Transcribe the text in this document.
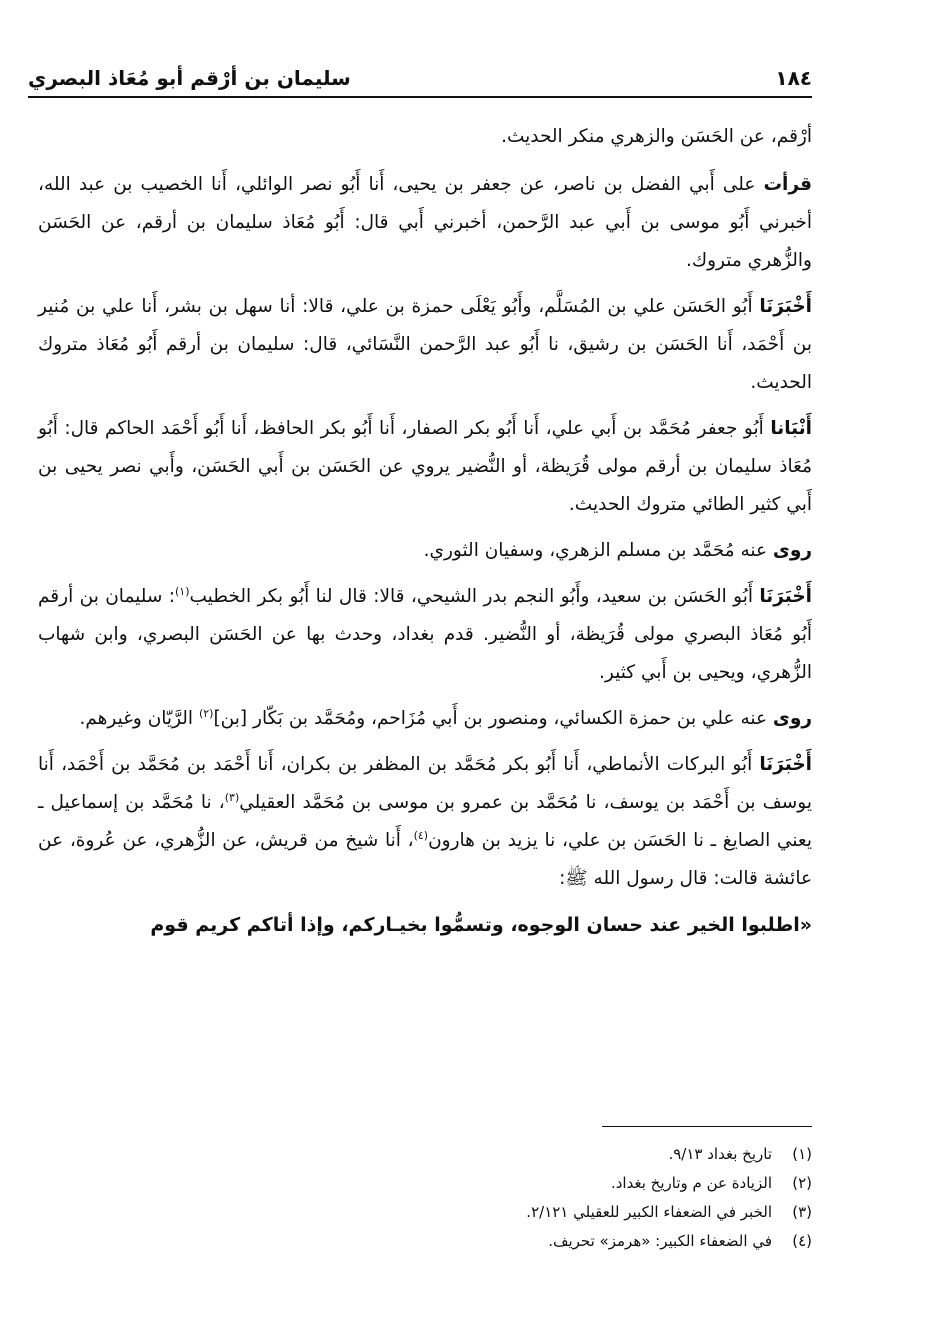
١٨٤
سليمان بن أرْقم أبو مُعَاذ البصري

أرْقم، عن الحَسَن والزهري منكر الحديث.

قرأت على أَبي الفضل بن ناصر، عن جعفر بن يحيى، أَنا أَبُو نصر الوائلي، أَنا الخصيب بن عبد الله، أخبرني أَبُو موسى بن أَبي عبد الرَّحمن، أخبرني أَبي قال: أَبُو مُعَاذ سليمان بن أرقم، عن الحَسَن والزُّهري متروك.

أَخْبَرَنَا أَبُو الحَسَن علي بن المُسَلَّم، وأَبُو يَعْلَى حمزة بن علي، قالا: أنا سهل بن بشر، أَنا علي بن مُنير بن أَحْمَد، أَنا الحَسَن بن رشيق، نا أَبُو عبد الرَّحمن النَّسَائي، قال: سليمان بن أرقم أَبُو مُعَاذ متروك الحديث.

أَنْبَانا أَبُو جعفر مُحَمَّد بن أَبي علي، أَنا أَبُو بكر الصفار، أَنا أَبُو بكر الحافظ، أَنا أَبُو أَحْمَد الحاكم قال: أَبُو مُعَاذ سليمان بن أرقم مولى قُرَيظة، أو النُّضير يروي عن الحَسَن بن أَبي الحَسَن، وأَبي نصر يحيى بن أَبي كثير الطائي متروك الحديث.

روى عنه مُحَمَّد بن مسلم الزهري، وسفيان الثوري.

أَخْبَرَنَا أَبُو الحَسَن بن سعيد، وأَبُو النجم بدر الشيحي، قالا: قال لنا أَبُو بكر الخطيب$^{(١)}$: سليمان بن أرقم أَبُو مُعَاذ البصري مولى قُرَيظة، أو النُّضير. قدم بغداد، وحدث بها عن الحَسَن البصري، وابن شهاب الزُّهري، ويحيى بن أَبي كثير.

روى عنه علي بن حمزة الكسائي، ومنصور بن أَبي مُزَاحم، ومُحَمَّد بن بَكّار [بن]$^{(٢)}$ الرَّيّان وغيرهم.

أَخْبَرَنَا أَبُو البركات الأنماطي، أَنا أَبُو بكر مُحَمَّد بن المظفر بن بكران، أَنا أَحْمَد بن مُحَمَّد بن أَحْمَد، أَنا يوسف بن أَحْمَد بن يوسف، نا مُحَمَّد بن عمرو بن موسى بن مُحَمَّد العقيلي$^{(٣)}$، نا مُحَمَّد بن إسماعيل ـ يعني الصايغ ـ نا الحَسَن بن علي، نا يزيد بن هارون$^{(٤)}$، أَنا شيخ من قريش، عن الزُّهري، عن عُروة، عن عائشة قالت: قال رسول الله ﷺ:

«اطلبوا الخير عند حسان الوجوه، وتسمُّوا بخيـاركم، وإذا أتاكم كريم قوم

(١)
تاريخ بغداد ٩/١٣.
(٢)
الزيادة عن م وتاريخ بغداد.
(٣)
الخبر في الضعفاء الكبير للعقيلي ٢/١٢١.
(٤)
في الضعفاء الكبير: «هرمز» تحريف.
